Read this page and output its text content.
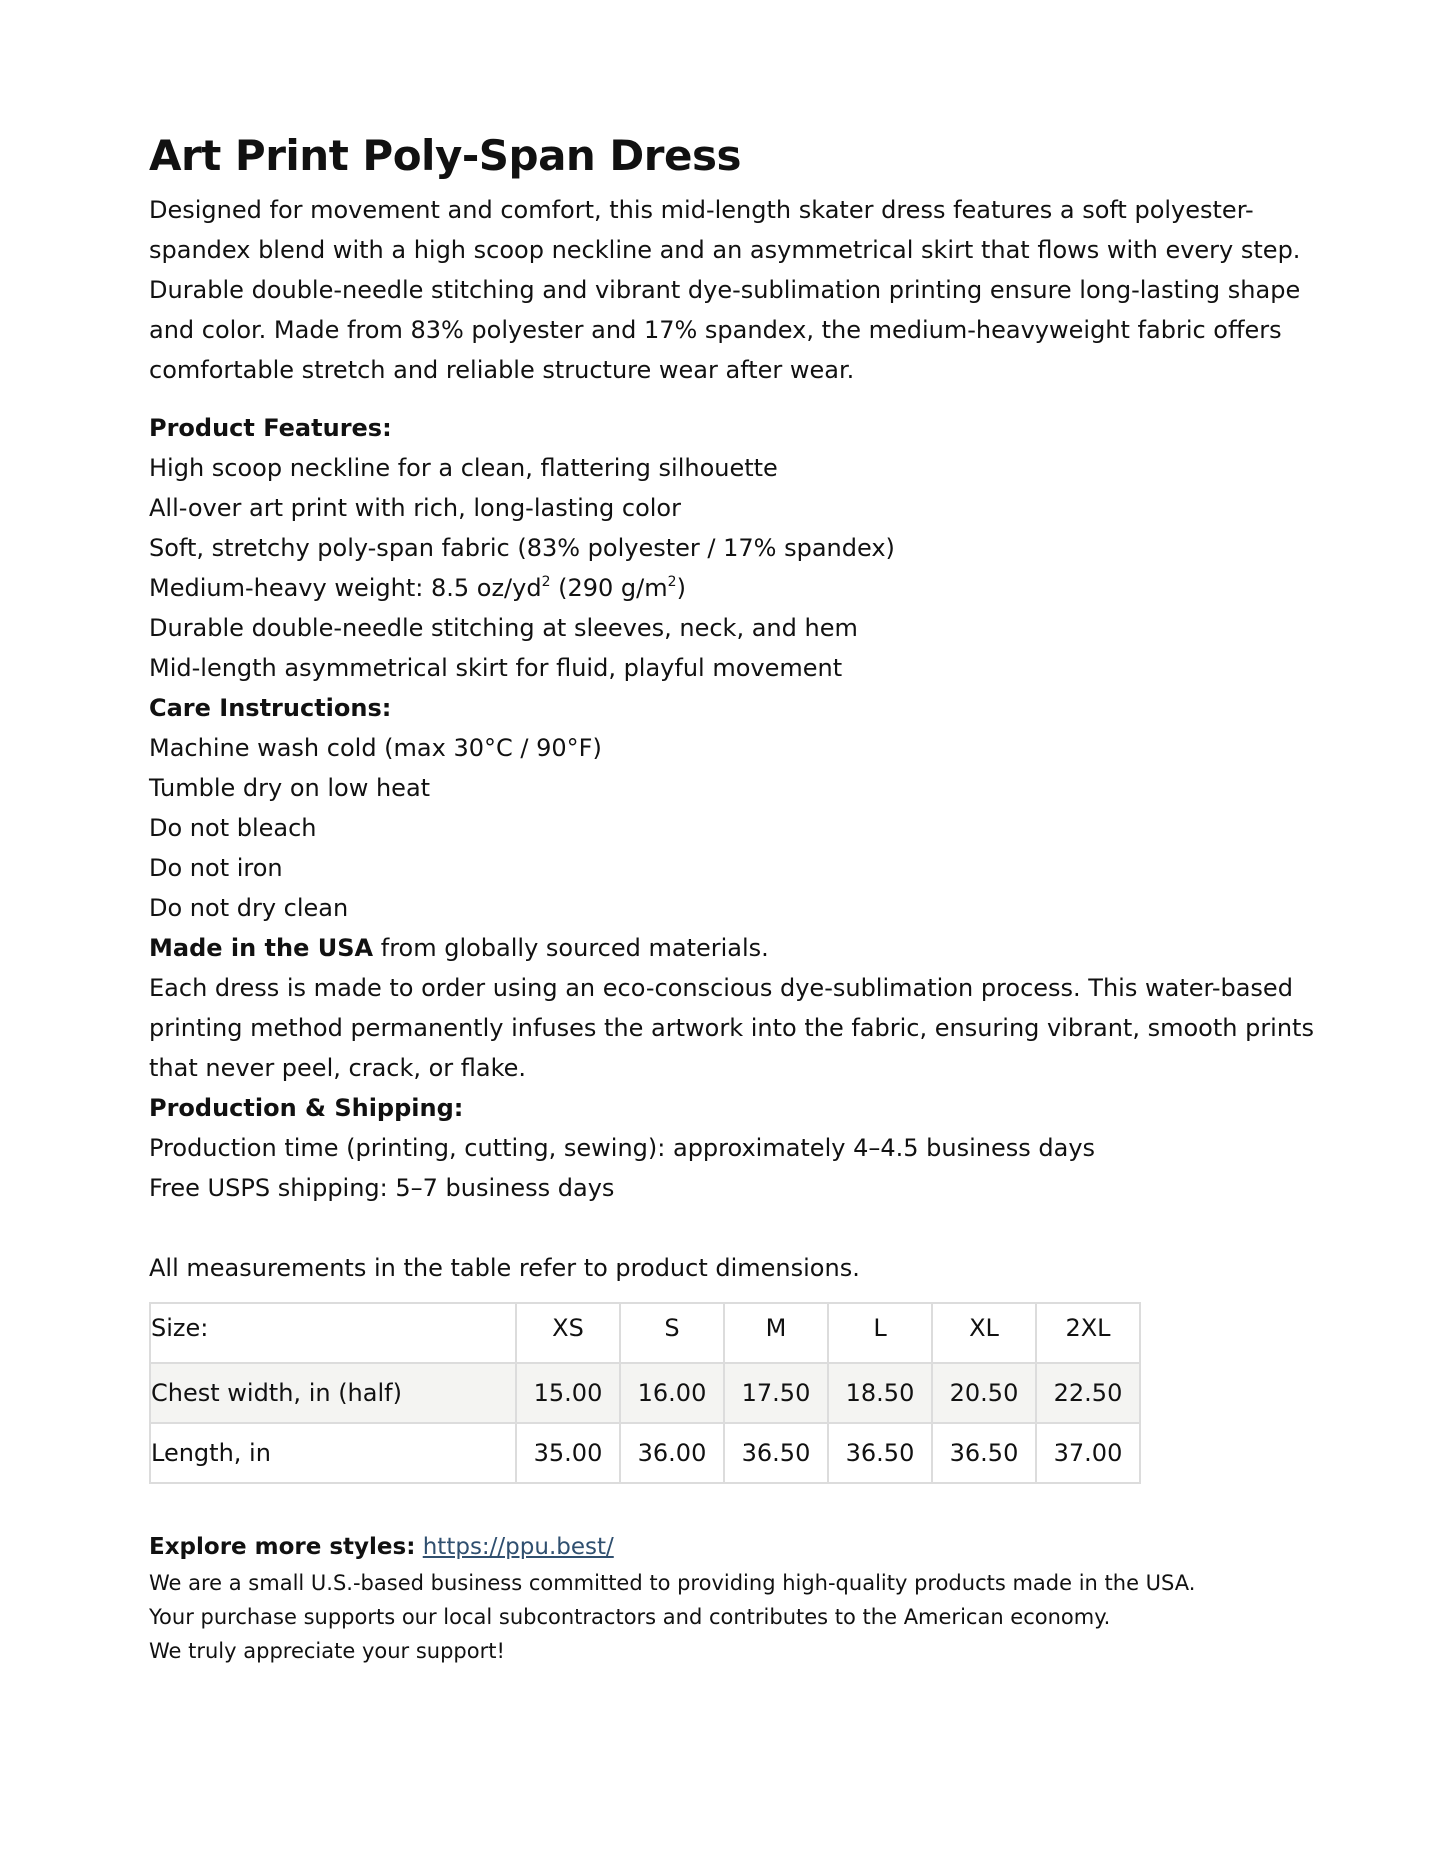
Art Print Poly-Span Dress

Designed for movement and comfort, this mid-length skater dress features a soft polyester-spandex blend with a high scoop neckline and an asymmetrical skirt that flows with every step. Durable double-needle stitching and vibrant dye-sublimation printing ensure long-lasting shape and color. Made from 83% polyester and 17% spandex, the medium-heavyweight fabric offers comfortable stretch and reliable structure wear after wear.

Product Features:
High scoop neckline for a clean, flattering silhouette
All-over art print with rich, long-lasting color
Soft, stretchy poly-span fabric (83% polyester / 17% spandex)
Medium-heavy weight: 8.5 $oz/yd^2$ (290 $g/m^2$)
Durable double-needle stitching at sleeves, neck, and hem
Mid-length asymmetrical skirt for fluid, playful movement
Care Instructions:
Machine wash cold (max 30°C / 90°F)
Tumble dry on low heat
Do not bleach
Do not iron
Do not dry clean
Made in the USA from globally sourced materials.

Each dress is made to order using an eco-conscious dye-sublimation process. This water-based printing method permanently infuses the artwork into the fabric, ensuring vibrant, smooth prints that never peel, crack, or flake.

Production & Shipping:
Production time (printing, cutting, sewing): approximately 4–4.5 business days
Free USPS shipping: 5–7 business days
All measurements in the table refer to product dimensions.
Size:	XS	S	M	L	XL	2XL
Chest width, in (half)	15.00	16.00	17.50	18.50	20.50	22.50
Length, in	35.00	36.00	36.50	36.50	36.50	37.00
Explore more styles: https://ppu.best/
We are a small U.S.-based business committed to providing high-quality products made in the USA.
Your purchase supports our local subcontractors and contributes to the American economy.
We truly appreciate your support!
